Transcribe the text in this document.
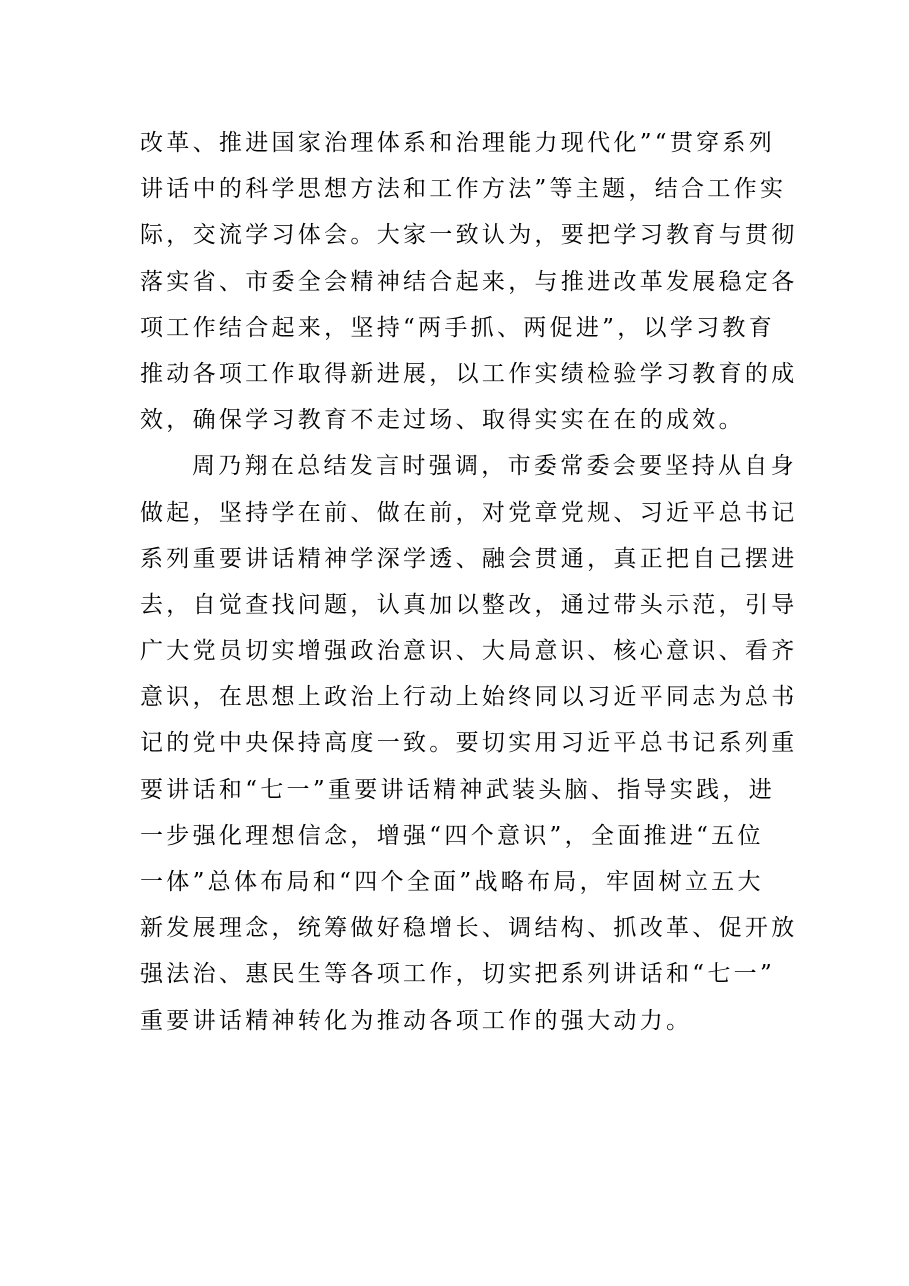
改革、推进国家治理体系和治理能力现代化”“贯穿系列
讲话中的科学思想方法和工作方法”等主题，结合工作实
际，交流学习体会。大家一致认为，要把学习教育与贯彻
落实省、市委全会精神结合起来，与推进改革发展稳定各
项工作结合起来，坚持“两手抓、两促进”，以学习教育
推动各项工作取得新进展，以工作实绩检验学习教育的成
效，确保学习教育不走过场、取得实实在在的成效。
周乃翔在总结发言时强调，市委常委会要坚持从自身
做起，坚持学在前、做在前，对党章党规、习近平总书记
系列重要讲话精神学深学透、融会贯通，真正把自己摆进
去，自觉查找问题，认真加以整改，通过带头示范，引导
广大党员切实增强政治意识、大局意识、核心意识、看齐
意识，在思想上政治上行动上始终同以习近平同志为总书
记的党中央保持高度一致。要切实用习近平总书记系列重
要讲话和“七一”重要讲话精神武装头脑、指导实践，进
一步强化理想信念，增强“四个意识”，全面推进“五位
一体”总体布局和“四个全面”战略布局，牢固树立五大
新发展理念，统筹做好稳增长、调结构、抓改革、促开放
强法治、惠民生等各项工作，切实把系列讲话和“七一”
重要讲话精神转化为推动各项工作的强大动力。
